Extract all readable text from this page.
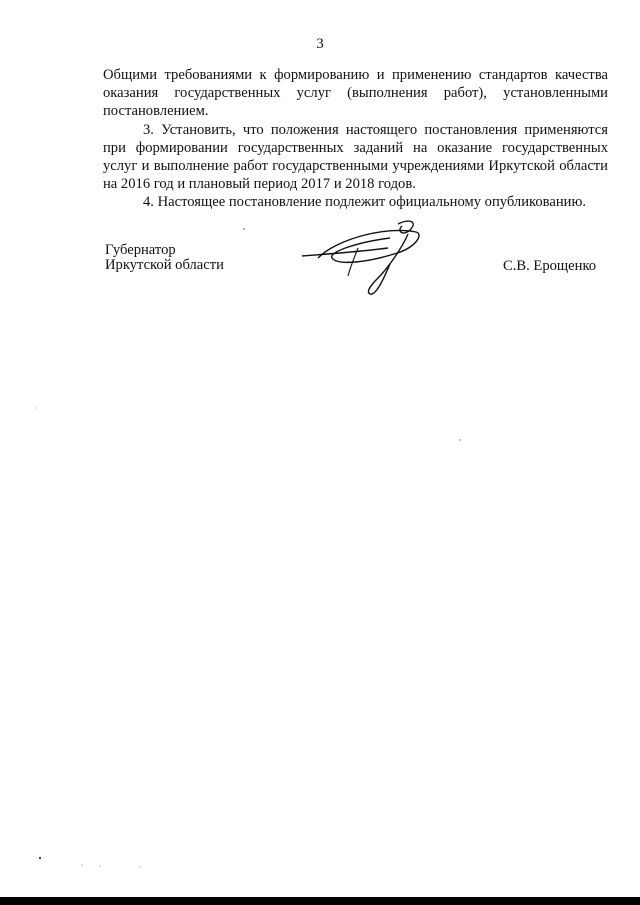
3

Общими требованиями к формированию и применению стандартов качества оказания государственных услуг (выполнения работ), установленными постановлением.

3. Установить, что положения настоящего постановления применяются при формировании государственных заданий на оказание государственных услуг и выполнение работ государственными учреждениями Иркутской области на 2016 год и плановый период 2017 и 2018 годов.

4. Настоящее постановление подлежит официальному опубликованию.

Губернатор
Иркутской области	С.В. Ерощенко
